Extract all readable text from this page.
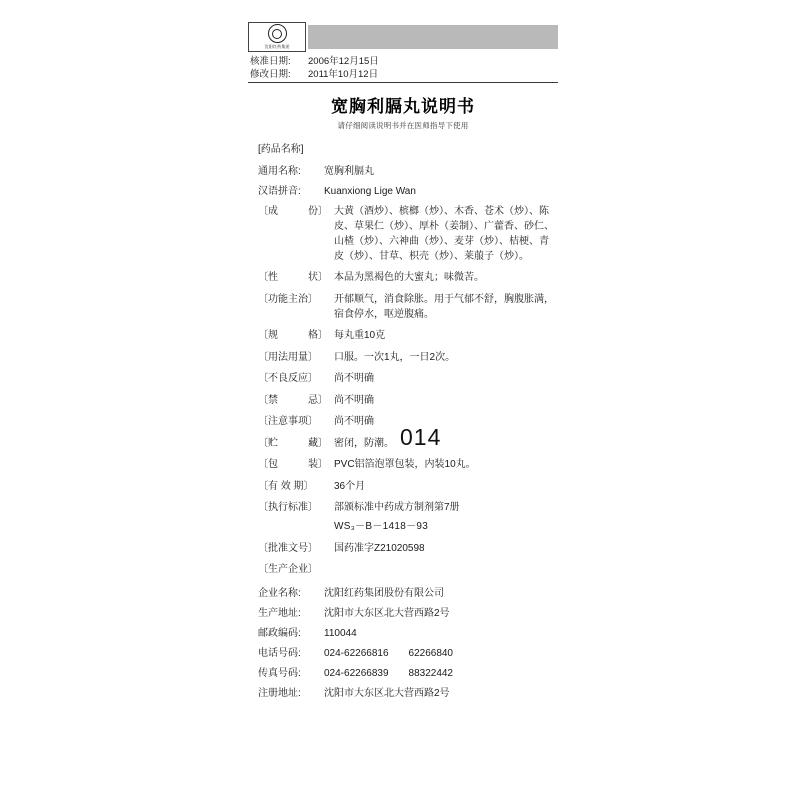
沈阳红药集团
核准日期:	2006年12月15日
修改日期:	2011年10月12日
宽胸利膈丸说明书
请仔细阅读说明书并在医师指导下使用
[药品名称]
通用名称:	宽胸利膈丸
汉语拼音:	Kuanxiong Lige Wan
〔成　　　份〕 大黄（酒炒）、槟榔（炒）、木香、苍术（炒）、陈皮、草果仁（炒）、厚朴（姜制）、广藿香、砂仁、山楂（炒）、六神曲（炒）、麦芽（炒）、桔梗、青皮（炒）、甘草、枳壳（炒）、莱菔子（炒）。
〔性　　　状〕 本品为黑褐色的大蜜丸；味微苦。
〔功能主治〕	开郁顺气，消食除胀。用于气郁不舒，胸腹胀满，宿食停水，呕逆腹痛。
〔规　　　格〕 每丸重10克
〔用法用量〕	口服。一次1丸，一日2次。
〔不良反应〕	尚不明确
〔禁　　　忌〕 尚不明确
〔注意事项〕	尚不明确
〔贮　　　藏〕 密闭，防潮。
〔包　　　装〕 PVC铝箔泡罩包装，内装10丸。
〔有 效 期〕	36个月
〔执行标准〕	部颁标准中药成方制剂第7册
WS₃－B－1418－93
〔批准文号〕	国药准字Z21020598
〔生产企业〕
企业名称:	沈阳红药集团股份有限公司
生产地址:	沈阳市大东区北大营西路2号
邮政编码:	110044
电话号码:	024-62266816　　62266840
传真号码:	024-62266839　　88322442
注册地址:	沈阳市大东区北大营西路2号
014
